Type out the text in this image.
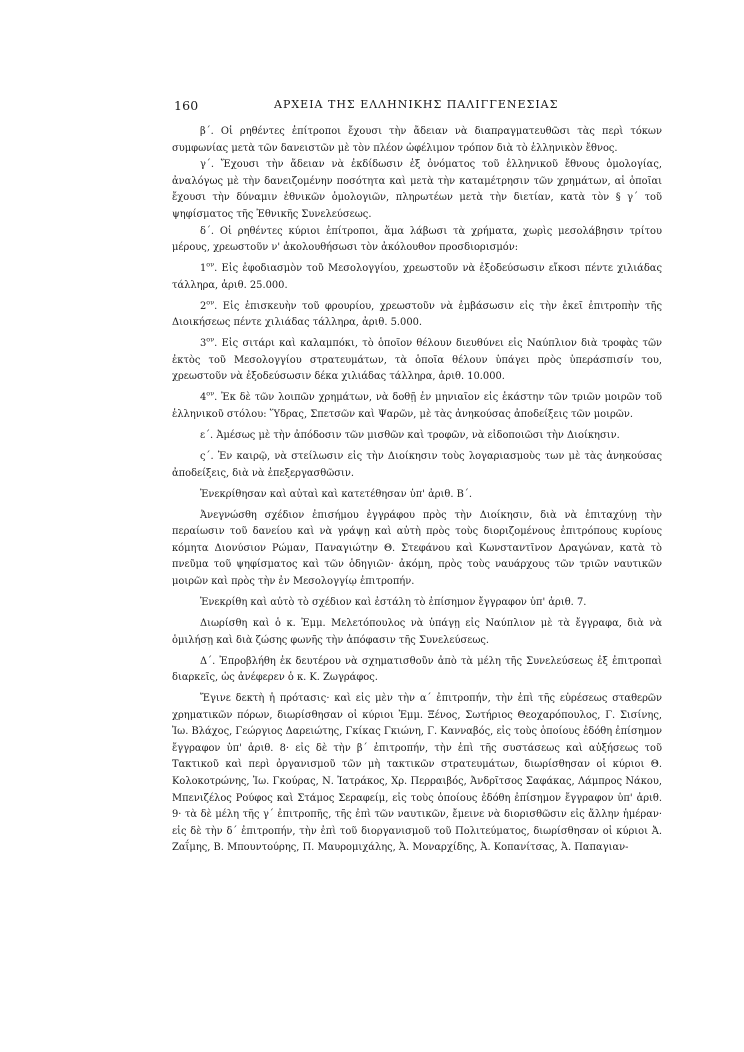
160	ΑΡΧΕΙΑ ΤΗΣ ΕΛΛΗΝΙΚΗΣ ΠΑΛΙΓΓΕΝΕΣΙΑΣ

β΄. Οἱ ρηθέντες ἐπίτροποι ἔχουσι τὴν ἄδειαν νὰ διαπραγματευθῶσι τὰς περὶ τόκων συμφωνίας μετὰ τῶν δανειστῶν μὲ τὸν πλέον ὠφέλιμον τρόπον διὰ τὸ ἑλληνικὸν ἔθνος.

γ΄. Ἔχουσι τὴν ἄδειαν νὰ ἐκδίδωσιν ἐξ ὀνόματος τοῦ ἑλληνικοῦ ἔθνους ὁμολογίας, ἀναλόγως μὲ τὴν δανειζομένην ποσότητα καὶ μετὰ τὴν καταμέτρησιν τῶν χρημάτων, αἱ ὁποῖαι ἔχουσι τὴν δύναμιν ἐθνικῶν ὁμολογιῶν, πληρωτέων μετὰ τὴν διετίαν, κατὰ τὸν § γ΄ τοῦ ψηφίσματος τῆς Ἐθνικῆς Συνελεύσεως.

δ΄. Οἱ ρηθέντες κύριοι ἐπίτροποι, ἅμα λάβωσι τὰ χρήματα, χωρὶς μεσολάβησιν τρίτου μέρους, χρεωστοῦν ν' ἀκολουθήσωσι τὸν ἀκόλουθον προσδιορισμόν:

$1^{o\nu}$. Εἰς ἐφοδιασμὸν τοῦ Μεσολογγίου, χρεωστοῦν νὰ ἐξοδεύσωσιν εἴκοσι πέντε χιλιάδας τάλληρα, ἀριθ. 25.000.

$2^{o\nu}$. Εἰς ἐπισκευὴν τοῦ φρουρίου, χρεωστοῦν νὰ ἐμβάσωσιν εἰς τὴν ἐκεῖ ἐπιτροπὴν τῆς Διοικήσεως πέντε χιλιάδας τάλληρα, ἀριθ. 5.000.

$3^{o\nu}$. Εἰς σιτάρι καὶ καλαμπόκι, τὸ ὁποῖον θέλουν διευθύνει εἰς Ναύπλιον διὰ τροφὰς τῶν ἐκτὸς τοῦ Μεσολογγίου στρατευμάτων, τὰ ὁποῖα θέλουν ὑπάγει πρὸς ὑπεράσπισίν του, χρεωστοῦν νὰ ἐξοδεύσωσιν δέκα χιλιάδας τάλληρα, ἀριθ. 10.000.

$4^{o\nu}$. Ἐκ δὲ τῶν λοιπῶν χρημάτων, νὰ δοθῇ ἐν μηνιαῖον εἰς ἑκάστην τῶν τριῶν μοιρῶν τοῦ ἑλληνικοῦ στόλου: Ὕδρας, Σπετσῶν καὶ Ψαρῶν, μὲ τὰς ἀνηκούσας ἀποδείξεις τῶν μοιρῶν.

ε΄. Ἀμέσως μὲ τὴν ἀπόδοσιν τῶν μισθῶν καὶ τροφῶν, νὰ εἰδοποιῶσι τὴν Διοίκησιν.

ς΄. Ἐν καιρῷ, νὰ στείλωσιν εἰς τὴν Διοίκησιν τοὺς λογαριασμοὺς των μὲ τὰς ἀνηκούσας ἀποδείξεις, διὰ νὰ ἐπεξεργασθῶσιν.

Ἐνεκρίθησαν καὶ αὐταὶ καὶ κατετέθησαν ὑπ' ἀριθ. Β΄.

Ἀνεγνώσθη σχέδιον ἐπισήμου ἐγγράφου πρὸς τὴν Διοίκησιν, διὰ νὰ ἐπιταχύνῃ τὴν περαίωσιν τοῦ δανείου καὶ νὰ γράψῃ καὶ αὐτὴ πρὸς τοὺς διοριζομένους ἐπιτρόπους κυρίους κόμητα Διονύσιον Ρώμαν, Παναγιώτην Θ. Στεφάνου καὶ Κωνσταντῖνον Δραγώναν, κατὰ τὸ πνεῦμα τοῦ ψηφίσματος καὶ τῶν ὁδηγιῶν· ἀκόμη, πρὸς τοὺς ναυάρχους τῶν τριῶν ναυτικῶν μοιρῶν καὶ πρὸς τὴν ἐν Μεσολογγίῳ ἐπιτροπήν.

Ἐνεκρίθη καὶ αὐτὸ τὸ σχέδιον καὶ ἐστάλη τὸ ἐπίσημον ἔγγραφον ὑπ' ἀριθ. 7.

Διωρίσθη καὶ ὁ κ. Ἐμμ. Μελετόπουλος νὰ ὑπάγῃ εἰς Ναύπλιον μὲ τὰ ἔγγραφα, διὰ νὰ ὁμιλήσῃ καὶ διὰ ζώσης φωνῆς τὴν ἀπόφασιν τῆς Συνελεύσεως.

Δ΄. Ἐπροβλήθη ἐκ δευτέρου νὰ σχηματισθοῦν ἀπὸ τὰ μέλη τῆς Συνελεύσεως ἐξ ἐπιτροπαὶ διαρκεῖς, ὡς ἀνέφερεν ὁ κ. Κ. Ζωγράφος.

Ἔγινε δεκτὴ ἡ πρότασις· καὶ εἰς μὲν τὴν α΄ ἐπιτροπήν, τὴν ἐπὶ τῆς εὑρέσεως σταθερῶν χρηματικῶν πόρων, διωρίσθησαν οἱ κύριοι Ἐμμ. Ξένος, Σωτήριος Θεοχαρόπουλος, Γ. Σισίνης, Ἰω. Βλάχος, Γεώργιος Δαρειώτης, Γκίκας Γκιώνη, Γ. Κανναβός, εἰς τοὺς ὁποίους ἐδόθη ἐπίσημον ἔγγραφον ὑπ' ἀριθ. 8· εἰς δὲ τὴν β΄ ἐπιτροπήν, τὴν ἐπὶ τῆς συστάσεως καὶ αὐξήσεως τοῦ Τακτικοῦ καὶ περὶ ὀργανισμοῦ τῶν μὴ τακτικῶν στρατευμάτων, διωρίσθησαν οἱ κύριοι Θ. Κολοκοτρώνης, Ἰω. Γκούρας, Ν. Ἰατράκος, Χρ. Περραιβός, Ἀνδρῖτσος Σαφάκας, Λάμπρος Νάκου, Μπενιζέλος Ρούφος καὶ Στάμος Σεραφείμ, εἰς τοὺς ὁποίους ἐδόθη ἐπίσημον ἔγγραφον ὑπ' ἀριθ. 9· τὰ δὲ μέλη τῆς γ΄ ἐπιτροπῆς, τῆς ἐπὶ τῶν ναυτικῶν, ἔμεινε νὰ διορισθῶσιν εἰς ἄλλην ἡμέραν· εἰς δὲ τὴν δ΄ ἐπιτροπήν, τὴν ἐπὶ τοῦ διοργανισμοῦ τοῦ Πολιτεύματος, διωρίσθησαν οἱ κύριοι Ἀ. Ζαΐμης, Β. Μπουντούρης, Π. Μαυρομιχάλης, Ἀ. Μοναρχίδης, Ἀ. Κοπανίτσας, Ἀ. Παπαγιαν-
